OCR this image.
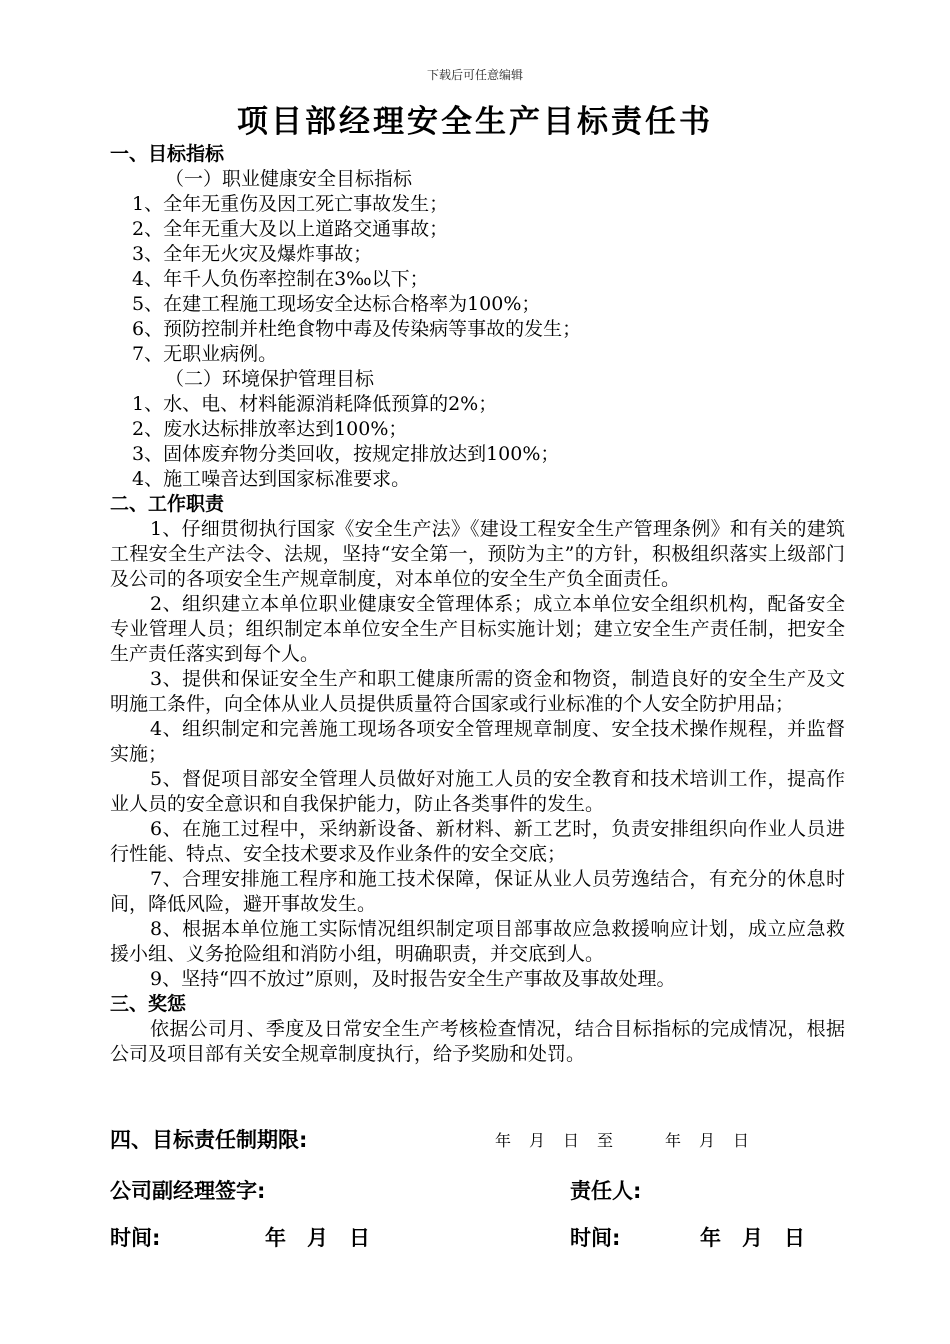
下载后可任意编辑
项目部经理安全生产目标责任书
一、目标指标
（一）职业健康安全目标指标
1、全年无重伤及因工死亡事故发生；
2、全年无重大及以上道路交通事故；
3、全年无火灾及爆炸事故；
4、年千人负伤率控制在3‰以下；
5、在建工程施工现场安全达标合格率为100%；
6、预防控制并杜绝食物中毒及传染病等事故的发生；
7、无职业病例。
（二）环境保护管理目标
1、水、电、材料能源消耗降低预算的2%；
2、废水达标排放率达到100%；
3、固体废弃物分类回收，按规定排放达到100%；
4、施工噪音达到国家标准要求。
二、工作职责
1、仔细贯彻执行国家《安全生产法》《建设工程安全生产管理条例》和有关的建筑工程安全生产法令、法规，坚持“安全第一，预防为主”的方针，积极组织落实上级部门及公司的各项安全生产规章制度，对本单位的安全生产负全面责任。
2、组织建立本单位职业健康安全管理体系；成立本单位安全组织机构，配备安全专业管理人员；组织制定本单位安全生产目标实施计划；建立安全生产责任制，把安全生产责任落实到每个人。
3、提供和保证安全生产和职工健康所需的资金和物资，制造良好的安全生产及文明施工条件，向全体从业人员提供质量符合国家或行业标准的个人安全防护用品；
4、组织制定和完善施工现场各项安全管理规章制度、安全技术操作规程，并监督实施；
5、督促项目部安全管理人员做好对施工人员的安全教育和技术培训工作，提高作业人员的安全意识和自我保护能力，防止各类事件的发生。
6、在施工过程中，采纳新设备、新材料、新工艺时，负责安排组织向作业人员进行性能、特点、安全技术要求及作业条件的安全交底；
7、合理安排施工程序和施工技术保障，保证从业人员劳逸结合，有充分的休息时间，降低风险，避开事故发生。
8、根据本单位施工实际情况组织制定项目部事故应急救援响应计划，成立应急救援小组、义务抢险组和消防小组，明确职责，并交底到人。
9、坚持“四不放过”原则，及时报告安全生产事故及事故处理。
三、奖惩
依据公司月、季度及日常安全生产考核检查情况，结合目标指标的完成情况，根据公司及项目部有关安全规章制度执行，给予奖励和处罚。
四、目标责任制期限:	年　月　日　至　　　年　月　日
公司副经理签字:	责任人:
时间:	年　月　日	时间:	年　月　日
